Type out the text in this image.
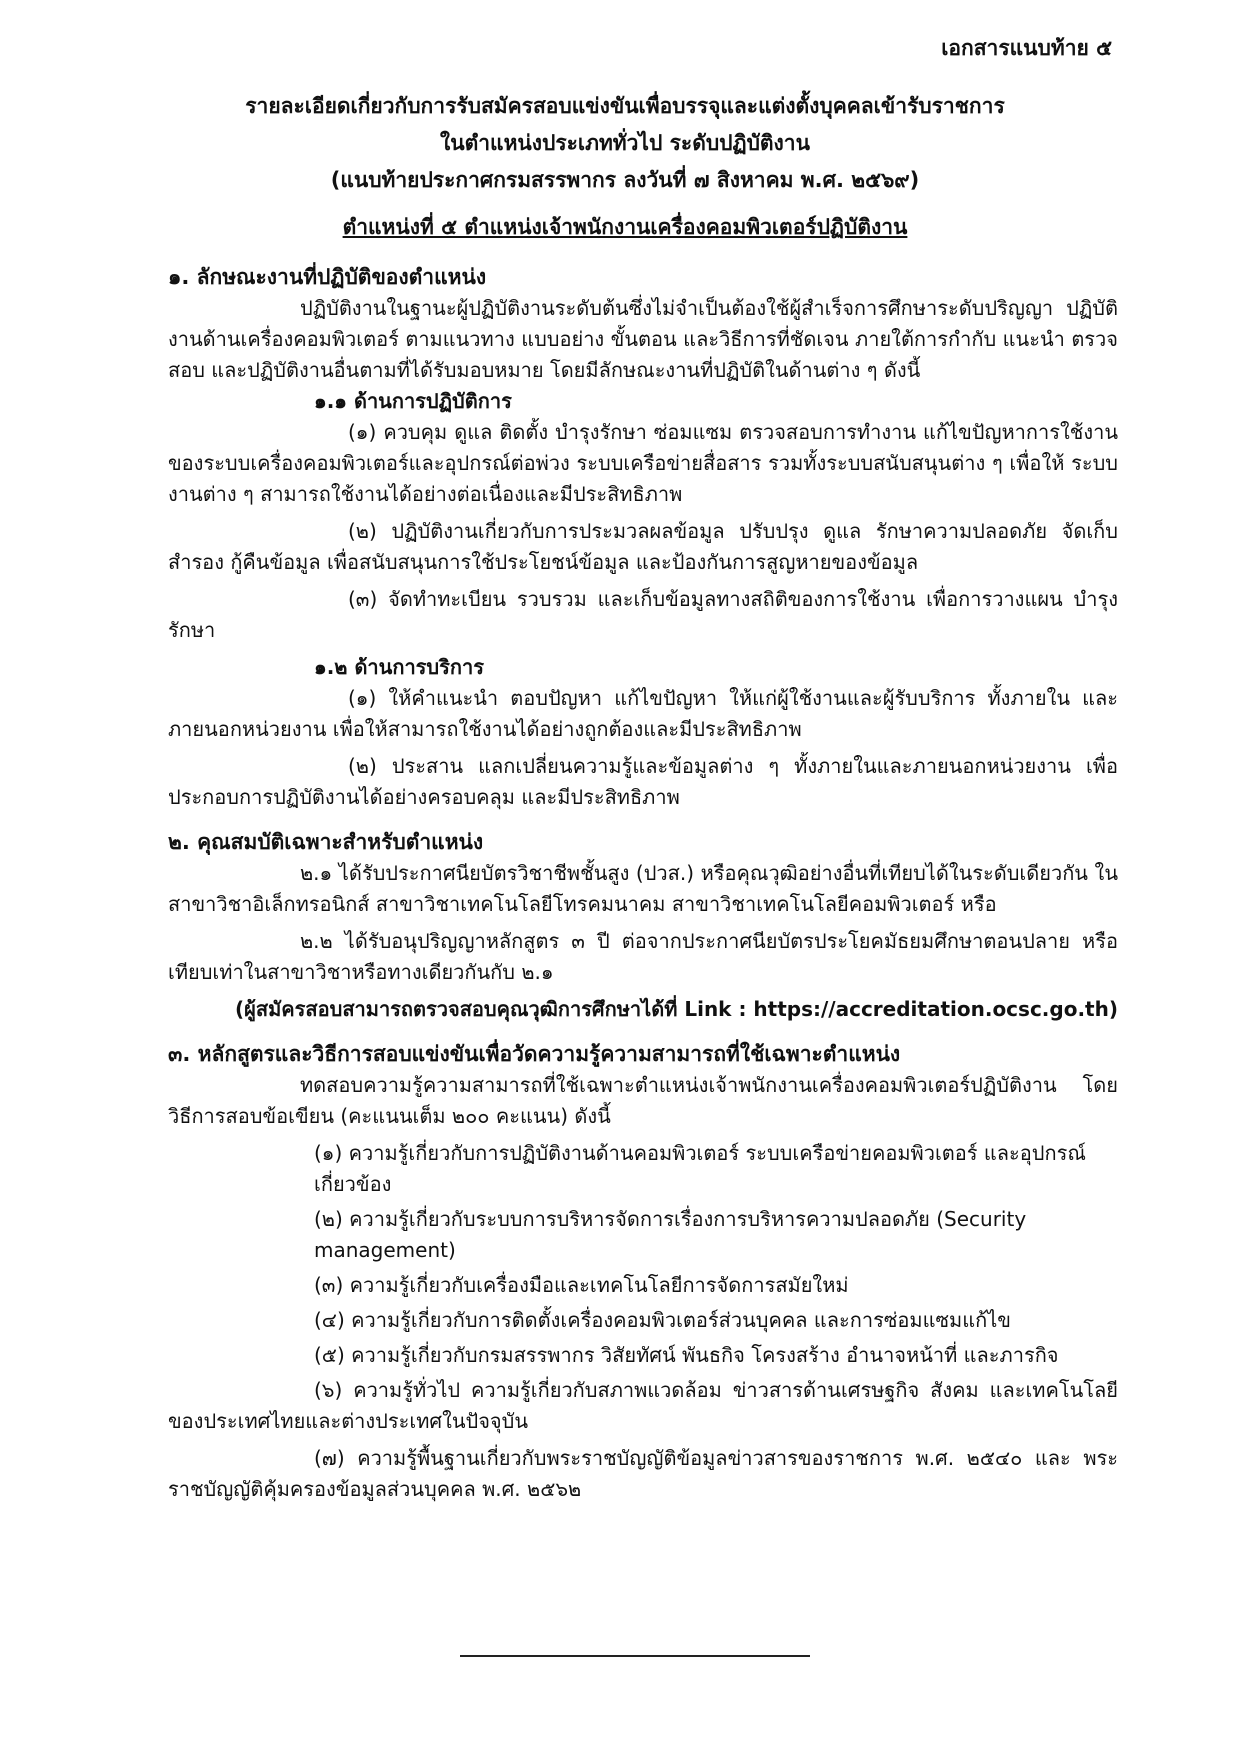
เอกสารแนบท้าย ๕
รายละเอียดเกี่ยวกับการรับสมัครสอบแข่งขันเพื่อบรรจุและแต่งตั้งบุคคลเข้ารับราชการ
ในตำแหน่งประเภททั่วไป ระดับปฏิบัติงาน
(แนบท้ายประกาศกรมสรรพากร ลงวันที่ ๗ สิงหาคม พ.ศ. ๒๕๖๙)
ตำแหน่งที่ ๕ ตำแหน่งเจ้าพนักงานเครื่องคอมพิวเตอร์ปฏิบัติงาน

๑. ลักษณะงานที่ปฏิบัติของตำแหน่ง

ปฏิบัติงานในฐานะผู้ปฏิบัติงานระดับต้นซึ่งไม่จำเป็นต้องใช้ผู้สำเร็จการศึกษาระดับปริญญา ปฏิบัติงานด้านเครื่องคอมพิวเตอร์ ตามแนวทาง แบบอย่าง ขั้นตอน และวิธีการที่ชัดเจน ภายใต้การกำกับ แนะนำ ตรวจสอบ และปฏิบัติงานอื่นตามที่ได้รับมอบหมาย โดยมีลักษณะงานที่ปฏิบัติในด้านต่าง ๆ ดังนี้

๑.๑ ด้านการปฏิบัติการ

(๑) ควบคุม ดูแล ติดตั้ง บำรุงรักษา ซ่อมแซม ตรวจสอบการทำงาน แก้ไขปัญหาการใช้งาน ของระบบเครื่องคอมพิวเตอร์และอุปกรณ์ต่อพ่วง ระบบเครือข่ายสื่อสาร รวมทั้งระบบสนับสนุนต่าง ๆ เพื่อให้ ระบบงานต่าง ๆ สามารถใช้งานได้อย่างต่อเนื่องและมีประสิทธิภาพ

(๒) ปฏิบัติงานเกี่ยวกับการประมวลผลข้อมูล ปรับปรุง ดูแล รักษาความปลอดภัย จัดเก็บ สำรอง กู้คืนข้อมูล เพื่อสนับสนุนการใช้ประโยชน์ข้อมูล และป้องกันการสูญหายของข้อมูล

(๓) จัดทำทะเบียน รวบรวม และเก็บข้อมูลทางสถิติของการใช้งาน เพื่อการวางแผน บำรุงรักษา

๑.๒ ด้านการบริการ

(๑) ให้คำแนะนำ ตอบปัญหา แก้ไขปัญหา ให้แก่ผู้ใช้งานและผู้รับบริการ ทั้งภายใน และภายนอกหน่วยงาน เพื่อให้สามารถใช้งานได้อย่างถูกต้องและมีประสิทธิภาพ

(๒) ประสาน แลกเปลี่ยนความรู้และข้อมูลต่าง ๆ ทั้งภายในและภายนอกหน่วยงาน เพื่อประกอบการปฏิบัติงานได้อย่างครอบคลุม และมีประสิทธิภาพ

๒. คุณสมบัติเฉพาะสำหรับตำแหน่ง

๒.๑ ได้รับประกาศนียบัตรวิชาชีพชั้นสูง (ปวส.) หรือคุณวุฒิอย่างอื่นที่เทียบได้ในระดับเดียวกัน ในสาขาวิชาอิเล็กทรอนิกส์ สาขาวิชาเทคโนโลยีโทรคมนาคม สาขาวิชาเทคโนโลยีคอมพิวเตอร์ หรือ

๒.๒ ได้รับอนุปริญญาหลักสูตร ๓ ปี ต่อจากประกาศนียบัตรประโยคมัธยมศึกษาตอนปลาย หรือเทียบเท่าในสาขาวิชาหรือทางเดียวกันกับ ๒.๑

(ผู้สมัครสอบสามารถตรวจสอบคุณวุฒิการศึกษาได้ที่ Link : https://accreditation.ocsc.go.th)

๓. หลักสูตรและวิธีการสอบแข่งขันเพื่อวัดความรู้ความสามารถที่ใช้เฉพาะตำแหน่ง

ทดสอบความรู้ความสามารถที่ใช้เฉพาะตำแหน่งเจ้าพนักงานเครื่องคอมพิวเตอร์ปฏิบัติงาน โดยวิธีการสอบข้อเขียน (คะแนนเต็ม ๒๐๐ คะแนน) ดังนี้

(๑) ความรู้เกี่ยวกับการปฏิบัติงานด้านคอมพิวเตอร์ ระบบเครือข่ายคอมพิวเตอร์ และอุปกรณ์เกี่ยวข้อง

(๒) ความรู้เกี่ยวกับระบบการบริหารจัดการเรื่องการบริหารความปลอดภัย (Security management)

(๓) ความรู้เกี่ยวกับเครื่องมือและเทคโนโลยีการจัดการสมัยใหม่

(๔) ความรู้เกี่ยวกับการติดตั้งเครื่องคอมพิวเตอร์ส่วนบุคคล และการซ่อมแซมแก้ไข

(๕) ความรู้เกี่ยวกับกรมสรรพากร วิสัยทัศน์ พันธกิจ โครงสร้าง อำนาจหน้าที่ และภารกิจ

(๖) ความรู้ทั่วไป ความรู้เกี่ยวกับสภาพแวดล้อม ข่าวสารด้านเศรษฐกิจ สังคม และเทคโนโลยี ของประเทศไทยและต่างประเทศในปัจจุบัน

(๗) ความรู้พื้นฐานเกี่ยวกับพระราชบัญญัติข้อมูลข่าวสารของราชการ พ.ศ. ๒๕๔๐ และ พระราชบัญญัติคุ้มครองข้อมูลส่วนบุคคล พ.ศ. ๒๕๖๒
